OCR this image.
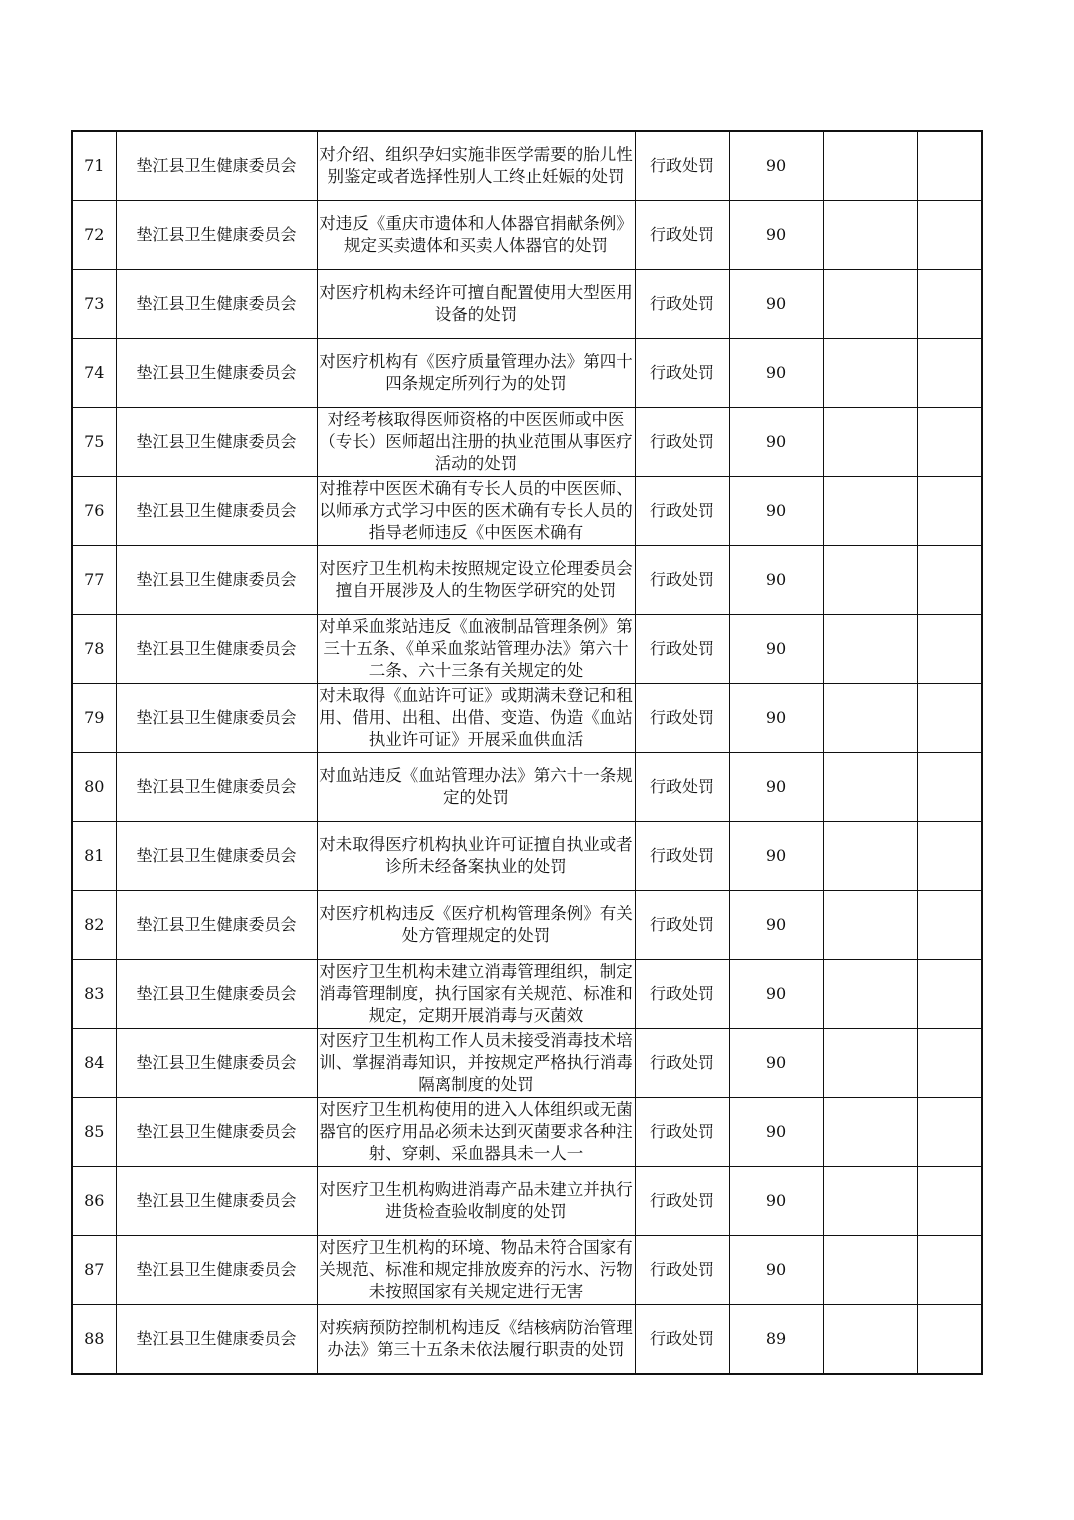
71	垫江县卫生健康委员会	对介绍、组织孕妇实施非医学需要的胎儿性别鉴定或者选择性别人工终止妊娠的处罚	行政处罚	90		
72	垫江县卫生健康委员会	对违反《重庆市遗体和人体器官捐献条例》规定买卖遗体和买卖人体器官的处罚	行政处罚	90		
73	垫江县卫生健康委员会	对医疗机构未经许可擅自配置使用大型医用设备的处罚	行政处罚	90		
74	垫江县卫生健康委员会	对医疗机构有《医疗质量管理办法》第四十四条规定所列行为的处罚	行政处罚	90		
75	垫江县卫生健康委员会	对经考核取得医师资格的中医医师或中医（专长）医师超出注册的执业范围从事医疗活动的处罚	行政处罚	90		
76	垫江县卫生健康委员会	对推荐中医医术确有专长人员的中医医师、以师承方式学习中医的医术确有专长人员的指导老师违反《中医医术确有	行政处罚	90		
77	垫江县卫生健康委员会	对医疗卫生机构未按照规定设立伦理委员会擅自开展涉及人的生物医学研究的处罚	行政处罚	90		
78	垫江县卫生健康委员会	对单采血浆站违反《血液制品管理条例》第三十五条、《单采血浆站管理办法》第六十二条、六十三条有关规定的处	行政处罚	90		
79	垫江县卫生健康委员会	对未取得《血站许可证》或期满未登记和租用、借用、出租、出借、变造、伪造《血站执业许可证》开展采血供血活	行政处罚	90		
80	垫江县卫生健康委员会	对血站违反《血站管理办法》第六十一条规定的处罚	行政处罚	90		
81	垫江县卫生健康委员会	对未取得医疗机构执业许可证擅自执业或者诊所未经备案执业的处罚	行政处罚	90		
82	垫江县卫生健康委员会	对医疗机构违反《医疗机构管理条例》有关处方管理规定的处罚	行政处罚	90		
83	垫江县卫生健康委员会	对医疗卫生机构未建立消毒管理组织，制定消毒管理制度，执行国家有关规范、标准和规定，定期开展消毒与灭菌效	行政处罚	90		
84	垫江县卫生健康委员会	对医疗卫生机构工作人员未接受消毒技术培训、掌握消毒知识，并按规定严格执行消毒隔离制度的处罚	行政处罚	90		
85	垫江县卫生健康委员会	对医疗卫生机构使用的进入人体组织或无菌器官的医疗用品必须未达到灭菌要求各种注射、穿刺、采血器具未一人一	行政处罚	90		
86	垫江县卫生健康委员会	对医疗卫生机构购进消毒产品未建立并执行进货检查验收制度的处罚	行政处罚	90		
87	垫江县卫生健康委员会	对医疗卫生机构的环境、物品未符合国家有关规范、标准和规定排放废弃的污水、污物未按照国家有关规定进行无害	行政处罚	90		
88	垫江县卫生健康委员会	对疾病预防控制机构违反《结核病防治管理办法》第三十五条未依法履行职责的处罚	行政处罚	89		
